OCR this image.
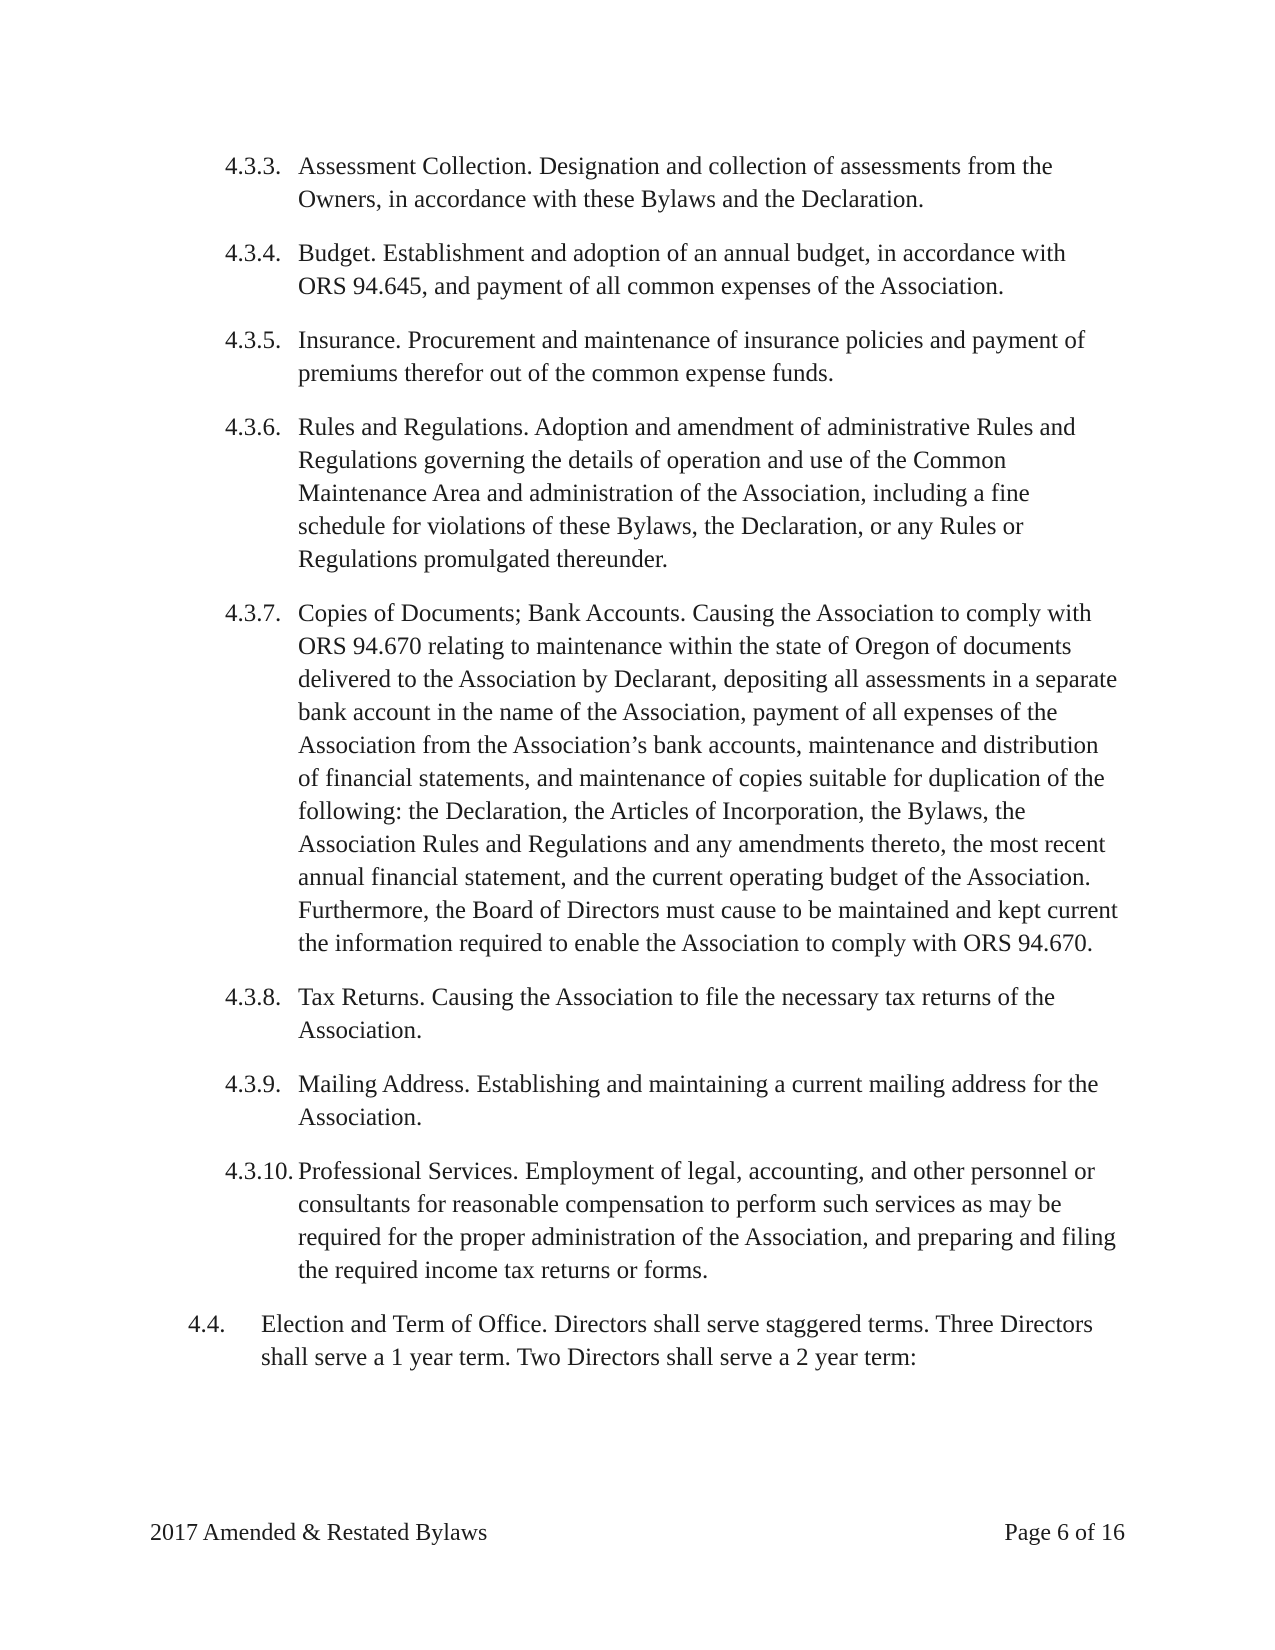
4.3.3. Assessment Collection. Designation and collection of assessments from the Owners, in accordance with these Bylaws and the Declaration.
4.3.4. Budget. Establishment and adoption of an annual budget, in accordance with ORS 94.645, and payment of all common expenses of the Association.
4.3.5. Insurance. Procurement and maintenance of insurance policies and payment of premiums therefor out of the common expense funds.
4.3.6. Rules and Regulations. Adoption and amendment of administrative Rules and Regulations governing the details of operation and use of the Common Maintenance Area and administration of the Association, including a fine schedule for violations of these Bylaws, the Declaration, or any Rules or Regulations promulgated thereunder.
4.3.7. Copies of Documents; Bank Accounts. Causing the Association to comply with ORS 94.670 relating to maintenance within the state of Oregon of documents delivered to the Association by Declarant, depositing all assessments in a separate bank account in the name of the Association, payment of all expenses of the Association from the Association’s bank accounts, maintenance and distribution of financial statements, and maintenance of copies suitable for duplication of the following: the Declaration, the Articles of Incorporation, the Bylaws, the Association Rules and Regulations and any amendments thereto, the most recent annual financial statement, and the current operating budget of the Association. Furthermore, the Board of Directors must cause to be maintained and kept current the information required to enable the Association to comply with ORS 94.670.
4.3.8. Tax Returns. Causing the Association to file the necessary tax returns of the Association.
4.3.9. Mailing Address. Establishing and maintaining a current mailing address for the Association.
4.3.10. Professional Services. Employment of legal, accounting, and other personnel or consultants for reasonable compensation to perform such services as may be required for the proper administration of the Association, and preparing and filing the required income tax returns or forms.
4.4. Election and Term of Office. Directors shall serve staggered terms. Three Directors shall serve a 1 year term. Two Directors shall serve a 2 year term:
2017 Amended & Restated Bylaws	Page 6 of 16
